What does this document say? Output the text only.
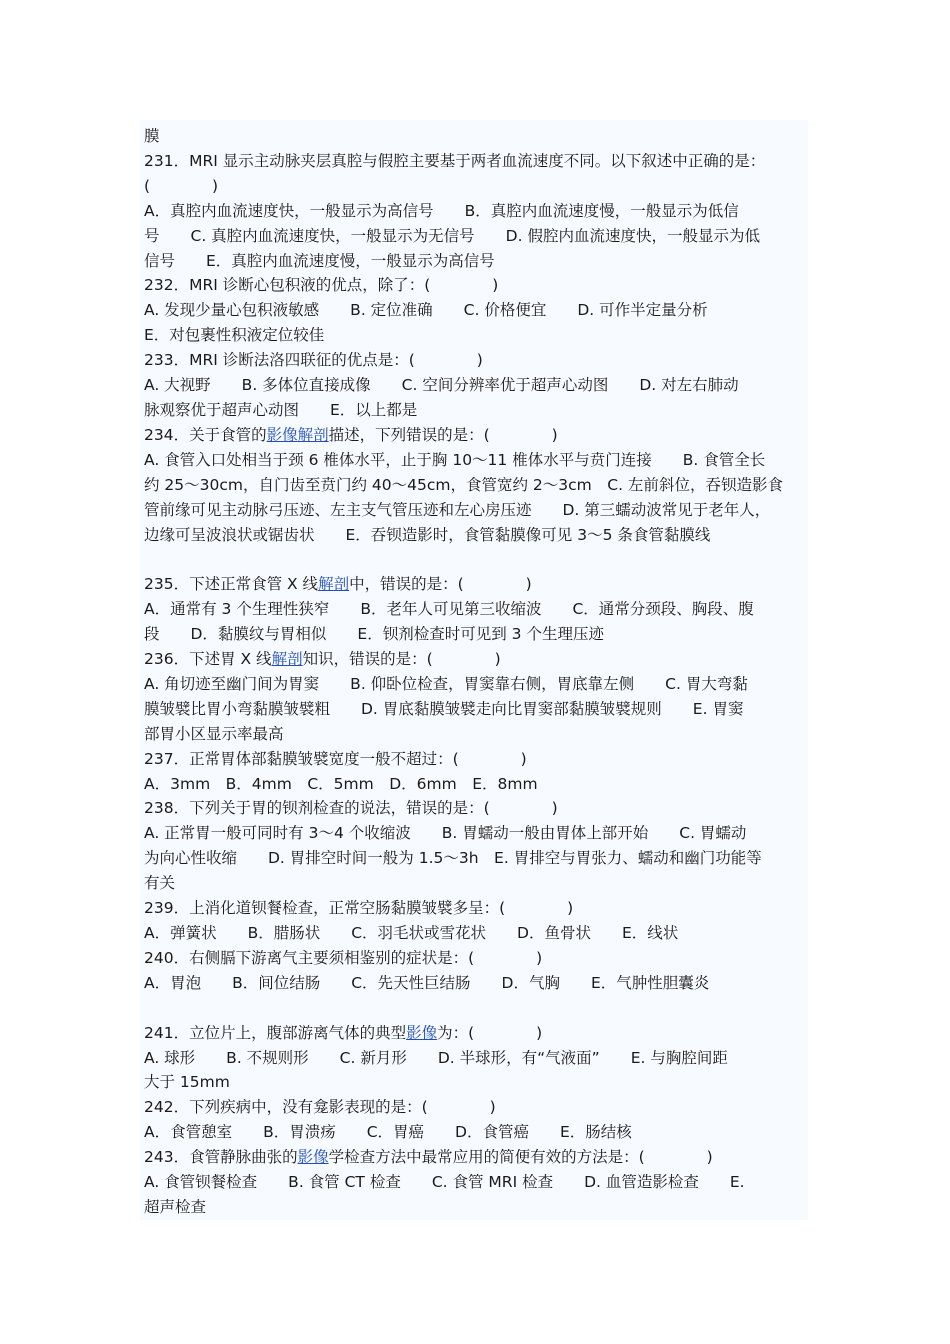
膜
231．MRI 显示主动脉夹层真腔与假腔主要基于两者血流速度不同。以下叙述中正确的是：
(　　　　)
A．真腔内血流速度快，一般显示为高信号　　B．真腔内血流速度慢，一般显示为低信
号　　C. 真腔内血流速度快，一般显示为无信号　　D. 假腔内血流速度快，一般显示为低
信号　　E．真腔内血流速度慢，一般显示为高信号
232．MRI 诊断心包积液的优点，除了：(　　　　)
A. 发现少量心包积液敏感　　B. 定位准确　　C. 价格便宜　　D. 可作半定量分析
E．对包裹性积液定位较佳
233．MRI 诊断法洛四联征的优点是：(　　　　)
A. 大视野　　B. 多体位直接成像　　C. 空间分辨率优于超声心动图　　D. 对左右肺动
脉观察优于超声心动图　　E．以上都是
234．关于食管的影像解剖描述，下列错误的是：(　　　　)
A. 食管入口处相当于颈 6 椎体水平，止于胸 10～11 椎体水平与贲门连接　　B. 食管全长
约 25～30cm，自门齿至贲门约 40～45cm，食管宽约 2～3cm　C. 左前斜位，吞钡造影食
管前缘可见主动脉弓压迹、左主支气管压迹和左心房压迹　　D. 第三蠕动波常见于老年人，
边缘可呈波浪状或锯齿状　　E．吞钡造影时，食管黏膜像可见 3～5 条食管黏膜线
235．下述正常食管 X 线解剖中，错误的是：(　　　　)
A．通常有 3 个生理性狭窄　　B．老年人可见第三收缩波　　C．通常分颈段、胸段、腹
段　　D．黏膜纹与胃相似　　E．钡剂检查时可见到 3 个生理压迹
236．下述胃 X 线解剖知识，错误的是：(　　　　)
A. 角切迹至幽门间为胃窦　　B. 仰卧位检查，胃窦靠右侧，胃底靠左侧　　C. 胃大弯黏
膜皱襞比胃小弯黏膜皱襞粗　　D. 胃底黏膜皱襞走向比胃窦部黏膜皱襞规则　　E. 胃窦
部胃小区显示率最高
237．正常胃体部黏膜皱襞宽度一般不超过：(　　　　)
A．3mm　B．4mm　C．5mm　D．6mm　E．8mm
238．下列关于胃的钡剂检查的说法，错误的是：(　　　　)
A. 正常胃一般可同时有 3～4 个收缩波　　B. 胃蠕动一般由胃体上部开始　　C. 胃蠕动
为向心性收缩　　D. 胃排空时间一般为 1.5～3h　E. 胃排空与胃张力、蠕动和幽门功能等
有关
239．上消化道钡餐检查，正常空肠黏膜皱襞多呈：(　　　　)
A．弹簧状　　B．腊肠状　　C．羽毛状或雪花状　　D．鱼骨状　　E．线状
240．右侧膈下游离气主要须相鉴别的症状是：(　　　　)
A．胃泡　　B．间位结肠　　C．先天性巨结肠　　D．气胸　　E．气肿性胆囊炎
241．立位片上，腹部游离气体的典型影像为：(　　　　)
A. 球形　　B. 不规则形　　C. 新月形　　D. 半球形，有“气液面”　　E. 与胸腔间距
大于 15mm
242．下列疾病中，没有龛影表现的是：(　　　　)
A．食管憩室　　B．胃溃疡　　C．胃癌　　D．食管癌　　E．肠结核
243．食管静脉曲张的影像学检查方法中最常应用的简便有效的方法是：(　　　　)
A. 食管钡餐检查　　B. 食管 CT 检查　　C. 食管 MRI 检查　　D. 血管造影检查　　E.
超声检查
